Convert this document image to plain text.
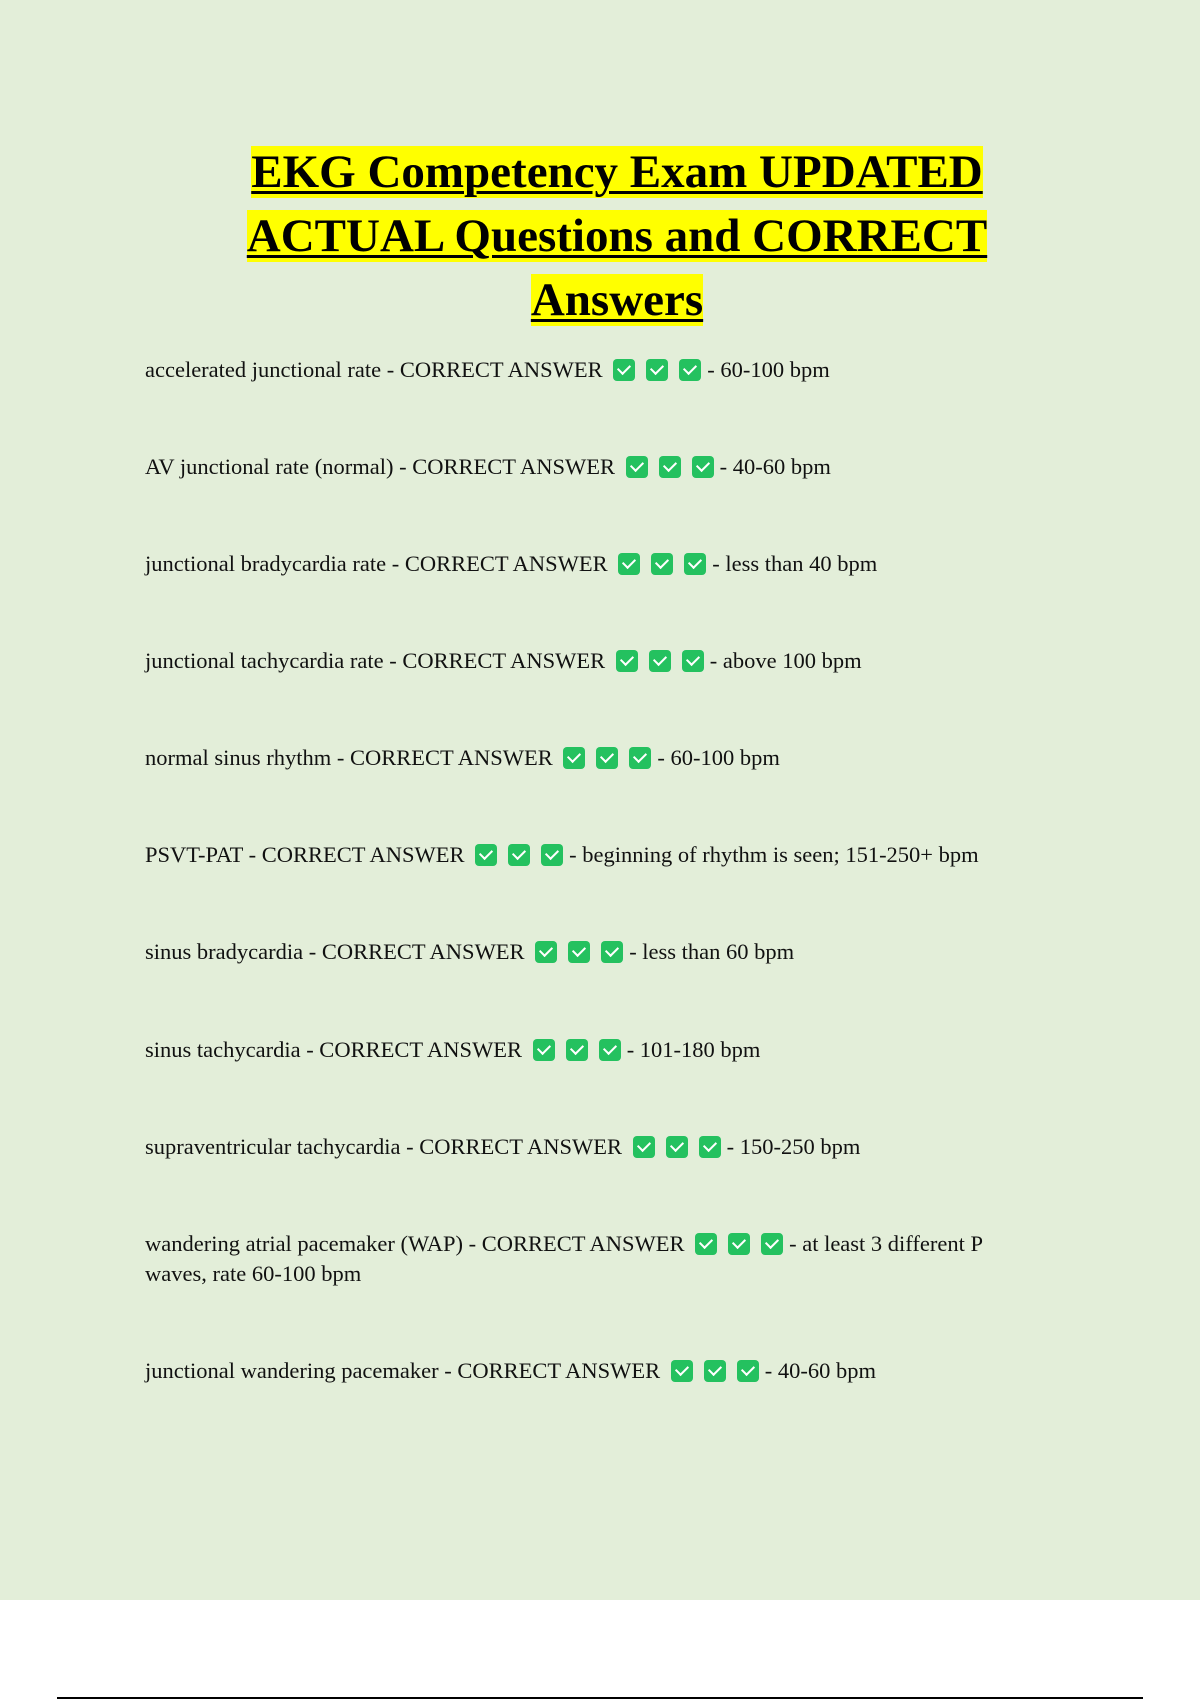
EKG Competency Exam UPDATED ACTUAL Questions and CORRECT Answers

accelerated junctional rate - CORRECT ANSWER	- 60-100 bpm

AV junctional rate (normal) - CORRECT ANSWER	- 40-60 bpm

junctional bradycardia rate - CORRECT ANSWER	- less than 40 bpm

junctional tachycardia rate - CORRECT ANSWER	- above 100 bpm

normal sinus rhythm - CORRECT ANSWER	- 60-100 bpm

PSVT-PAT - CORRECT ANSWER	- beginning of rhythm is seen; 151-250+ bpm

sinus bradycardia - CORRECT ANSWER	- less than 60 bpm

sinus tachycardia - CORRECT ANSWER	- 101-180 bpm

supraventricular tachycardia - CORRECT ANSWER	- 150-250 bpm

wandering atrial pacemaker (WAP) - CORRECT ANSWER	- at least 3 different P waves, rate 60-100 bpm

junctional wandering pacemaker - CORRECT ANSWER	- 40-60 bpm
